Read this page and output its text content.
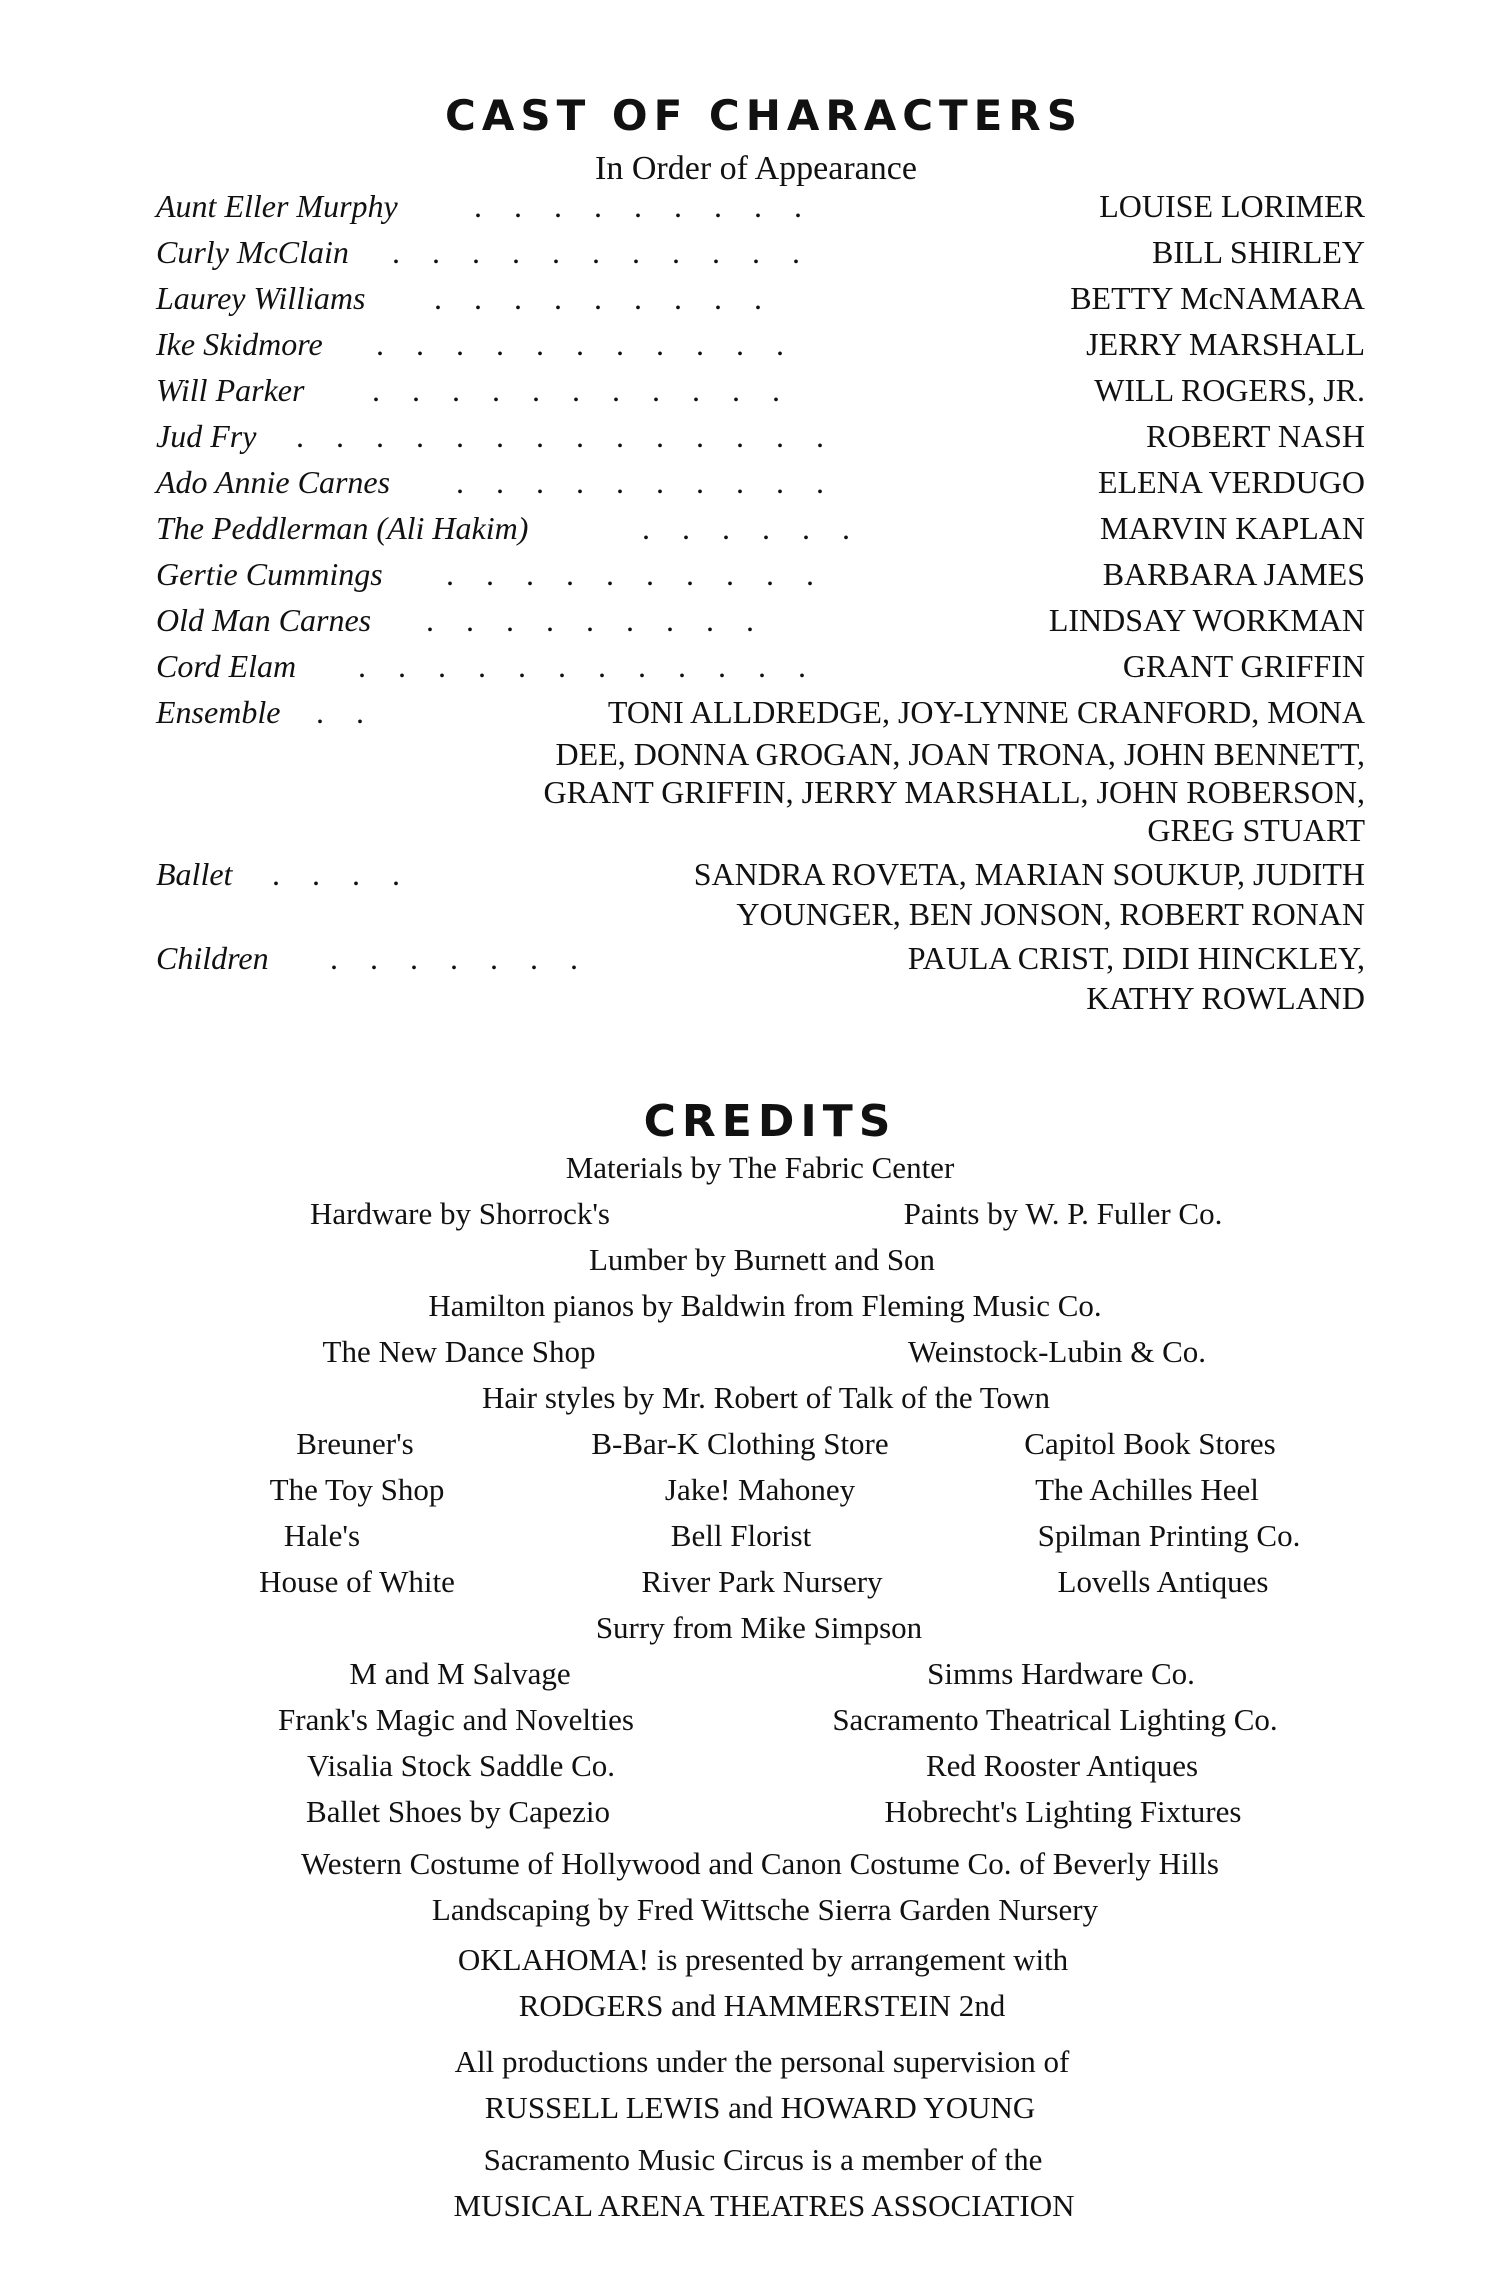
CAST OF CHARACTERS
In Order of Appearance
Aunt Eller Murphy . . . . . . . . .	LOUISE LORIMER
Curly McClain . . . . . . . . . . .	BILL SHIRLEY
Laurey Williams . . . . . . . . .	BETTY McNAMARA
Ike Skidmore . . . . . . . . . . .	JERRY MARSHALL
Will Parker . . . . . . . . . . .	WILL ROGERS, JR.
Jud Fry . . . . . . . . . . . . . .	ROBERT NASH
Ado Annie Carnes . . . . . . . . . .	ELENA VERDUGO
The Peddlerman (Ali Hakim)	. . . . . .	MARVIN KAPLAN
Gertie Cummings . . . . . . . . . .	BARBARA JAMES
Old Man Carnes . . . . . . . . .	LINDSAY WORKMAN
Cord Elam . . . . . . . . . . . .	GRANT GRIFFIN
Ensemble . .	TONI ALLDREDGE, JOY-LYNNE CRANFORD, MONA
DEE, DONNA GROGAN, JOAN TRONA, JOHN BENNETT,
GRANT GRIFFIN, JERRY MARSHALL, JOHN ROBERSON,
GREG STUART
Ballet . . . .	SANDRA ROVETA, MARIAN SOUKUP, JUDITH
YOUNGER, BEN JONSON, ROBERT RONAN
Children . . . . . . .	PAULA CRIST, DIDI HINCKLEY,
KATHY ROWLAND
CREDITS
Materials by The Fabric Center
Hardware by Shorrock's	Paints by W. P. Fuller Co.
Lumber by Burnett and Son
Hamilton pianos by Baldwin from Fleming Music Co.
The New Dance Shop	Weinstock-Lubin & Co.
Hair styles by Mr. Robert of Talk of the Town
Breuner's	B-Bar-K Clothing Store	Capitol Book Stores
The Toy Shop	Jake! Mahoney	The Achilles Heel
Hale's	Bell Florist	Spilman Printing Co.
House of White	River Park Nursery	Lovells Antiques
Surry from Mike Simpson
M and M Salvage	Simms Hardware Co.
Frank's Magic and Novelties	Sacramento Theatrical Lighting Co.
Visalia Stock Saddle Co.	Red Rooster Antiques
Ballet Shoes by Capezio	Hobrecht's Lighting Fixtures
Western Costume of Hollywood and Canon Costume Co. of Beverly Hills
Landscaping by Fred Wittsche Sierra Garden Nursery
OKLAHOMA! is presented by arrangement with
RODGERS and HAMMERSTEIN 2nd
All productions under the personal supervision of
RUSSELL LEWIS and HOWARD YOUNG
Sacramento Music Circus is a member of the
MUSICAL ARENA THEATRES ASSOCIATION
